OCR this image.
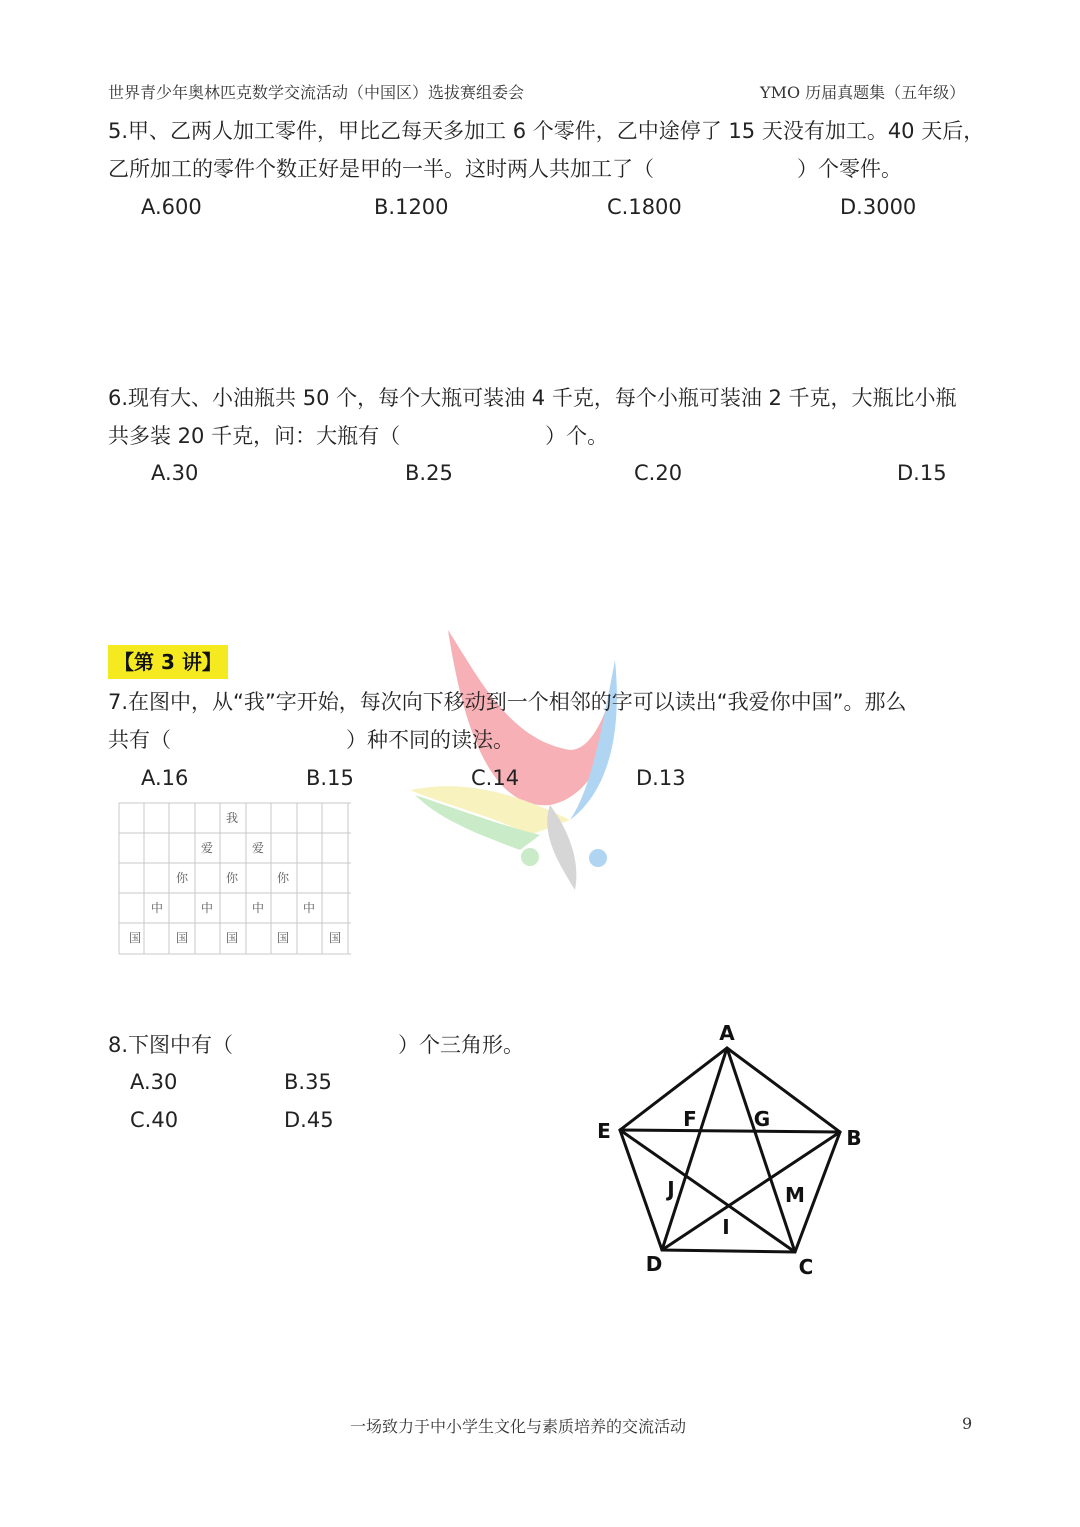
世界青少年奥林匹克数学交流活动（中国区）选拔赛组委会	YMO 历届真题集（五年级）
5.甲、乙两人加工零件，甲比乙每天多加工 6 个零件，乙中途停了 15 天没有加工。40 天后，
乙所加工的零件个数正好是甲的一半。这时两人共加工了（	）个零件。
A.600	B.1200	C.1800	D.3000
6.现有大、小油瓶共 50 个，每个大瓶可装油 4 千克，每个小瓶可装油 2 千克，大瓶比小瓶
共多装 20 千克，问：大瓶有（	）个。
A.30	B.25	C.20	D.15
【第 3 讲】
7.在图中，从“我”字开始，每次向下移动到一个相邻的字可以读出“我爱你中国”。那么
共有（	）种不同的读法。
A.16	B.15	C.14	D.13
我
爱	爱
你	你	你
中	中	中	中
国	国	国	国	国
8.下图中有（	）个三角形。
A.30	B.35
C.40	D.45
A
B
C
D
E	F	G
J	M
I
一场致力于中小学生文化与素质培养的交流活动	9
